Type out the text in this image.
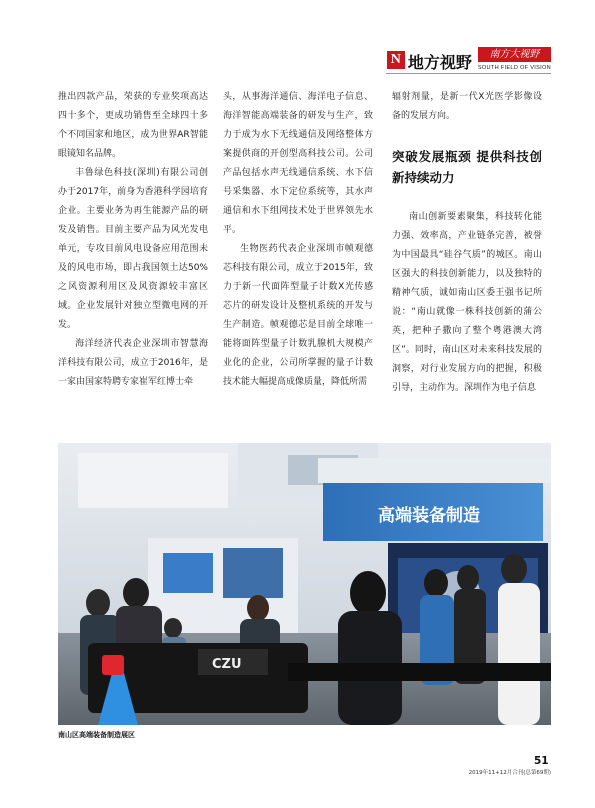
N 地方视野	南方大视野
SOUTH FIELD OF VISION

推出四款产品，荣获的专业奖项高达四十多个，更成功销售至全球四十多个不同国家和地区，成为世界AR智能眼镜知名品牌。

丰鲁绿色科技(深圳)有限公司创办于2017年，前身为香港科学园培育企业。主要业务为再生能源产品的研发及销售。目前主要产品为风光发电单元，专攻目前风电设备应用范围未及的风电市场，即占我国领土达50%之风资源利用区及风资源较丰富区域。企业发展针对独立型微电网的开发。

海洋经济代表企业深圳市智慧海洋科技有限公司，成立于2016年，是一家由国家特聘专家崔军红博士牵

头，从事海洋通信、海洋电子信息、海洋智能高端装备的研发与生产，致力于成为水下无线通信及网络整体方案提供商的开创型高科技公司。公司产品包括水声无线通信系统、水下信号采集器、水下定位系统等，其水声通信和水下组网技术处于世界领先水平。

生物医药代表企业深圳市帧观德芯科技有限公司，成立于2015年，致力于新一代面阵型量子计数X光传感芯片的研发设计及整机系统的开发与生产制造。帧观德芯是目前全球唯一能将面阵型量子计数乳腺机大规模产业化的企业，公司所掌握的量子计数技术能大幅提高成像质量，降低所需

辐射剂量，是新一代X光医学影像设备的发展方向。

突破发展瓶颈 提供科技创新持续动力

南山创新要素聚集，科技转化能力强、效率高，产业链条完善，被誉为中国最具“硅谷气质”的城区。南山区强大的科技创新能力，以及独特的精神气质，诚如南山区委王强书记所说：“南山就像一株科技创新的蒲公英，把种子撒向了整个粤港澳大湾区”。同时，南山区对未来科技发展的洞察，对行业发展方向的把握，积极引导，主动作为。深圳作为电子信息

高端装备制造
CZU
南山区高端装备制造展区
51
2019年11+12月合刊(总第69期)
